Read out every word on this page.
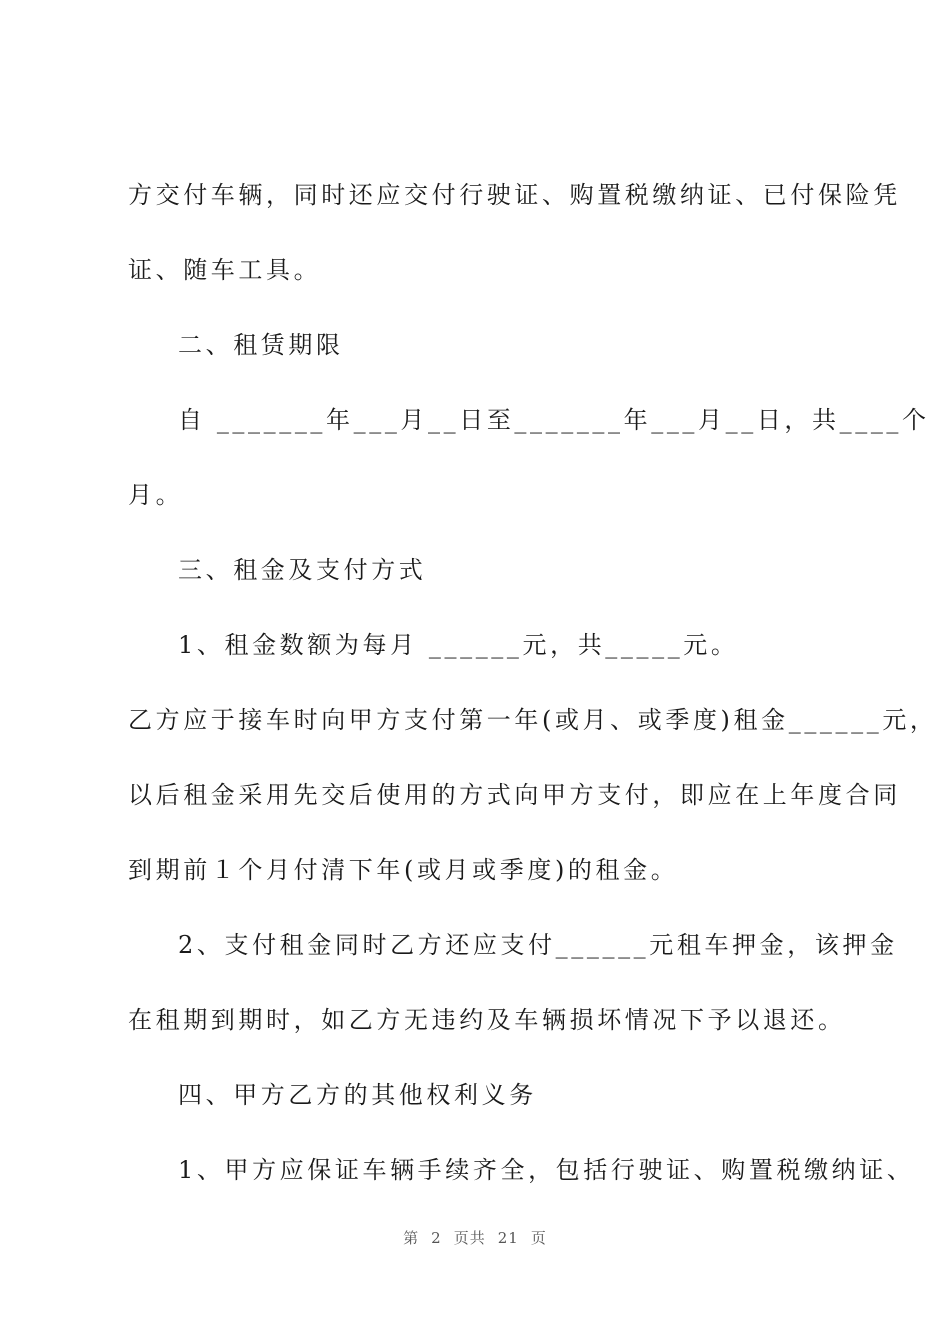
方交付车辆，同时还应交付行驶证、购置税缴纳证、已付保险凭
证、随车工具。
二、租赁期限
自 _______年___月__日至_______年___月__日，共____个
月。
三、租金及支付方式
1、租金数额为每月 ______元，共_____元。
乙方应于接车时向甲方支付第一年(或月、或季度)租金______元，
以后租金采用先交后使用的方式向甲方支付，即应在上年度合同
到期前１个月付清下年(或月或季度)的租金。
2、支付租金同时乙方还应支付______元租车押金，该押金
在租期到期时，如乙方无违约及车辆损坏情况下予以退还。
四、甲方乙方的其他权利义务
1、甲方应保证车辆手续齐全，包括行驶证、购置税缴纳证、
第 2 页共 21 页
